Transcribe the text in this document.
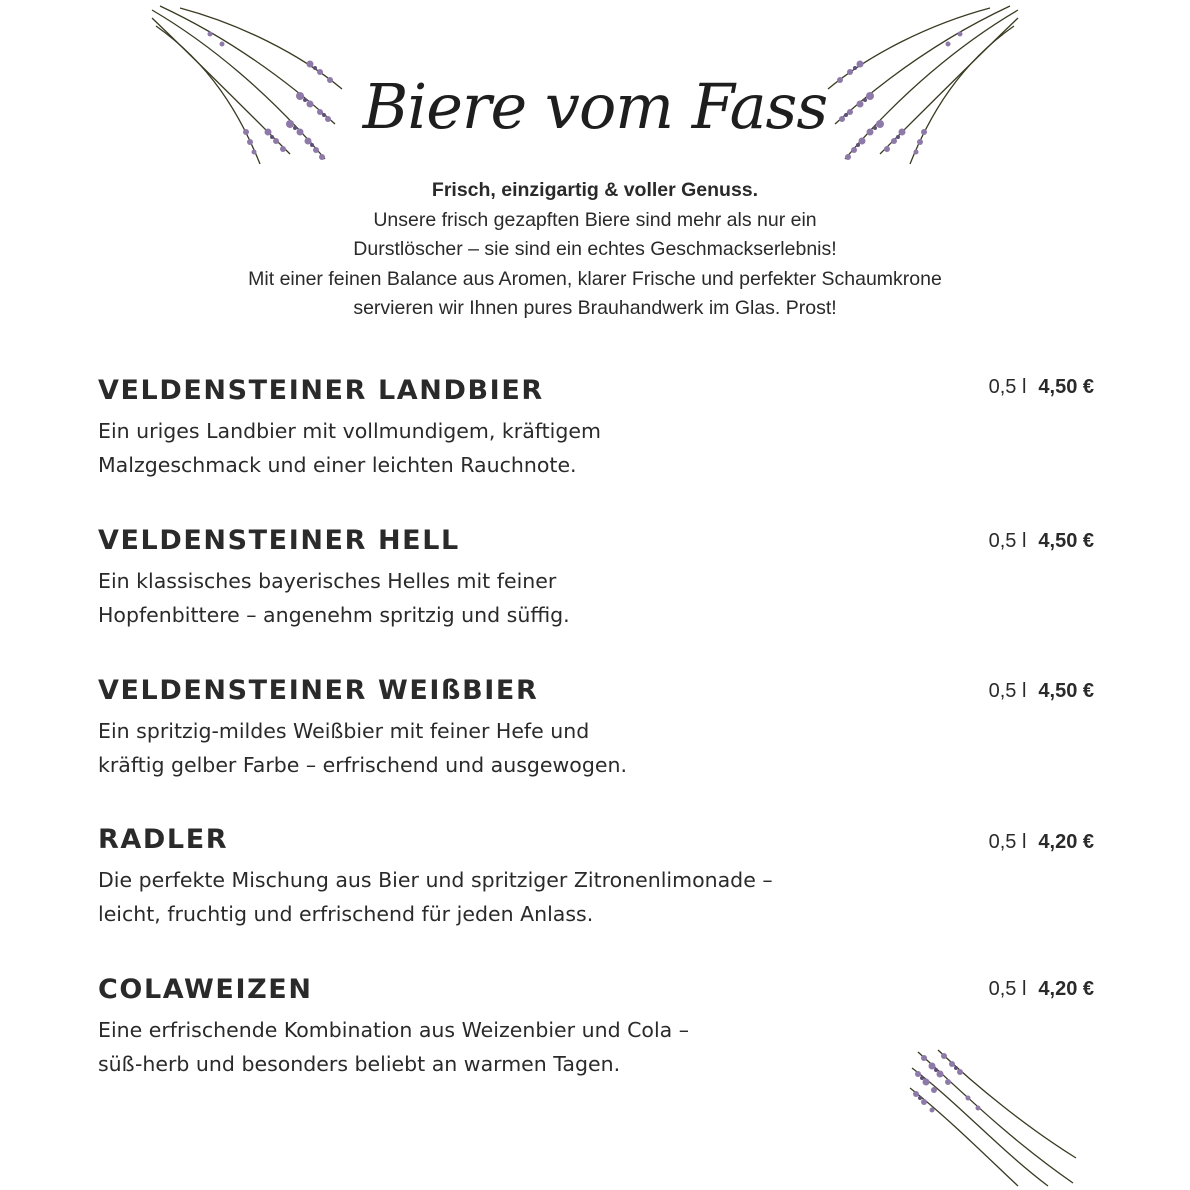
Biere vom Fass
Frisch, einzigartig & voller Genuss.
Unsere frisch gezapften Biere sind mehr als nur ein
Durstlöscher – sie sind ein echtes Geschmackserlebnis!
Mit einer feinen Balance aus Aromen, klarer Frische und perfekter Schaumkrone
servieren wir Ihnen pures Brauhandwerk im Glas. Prost!
VELDENSTEINER LANDBIER	0,5 l 4,50 €
Ein uriges Landbier mit vollmundigem, kräftigem
Malzgeschmack und einer leichten Rauchnote.
VELDENSTEINER HELL	0,5 l 4,50 €
Ein klassisches bayerisches Helles mit feiner
Hopfenbittere – angenehm spritzig und süffig.
VELDENSTEINER WEIßBIER	0,5 l 4,50 €
Ein spritzig-mildes Weißbier mit feiner Hefe und
kräftig gelber Farbe – erfrischend und ausgewogen.
RADLER	0,5 l 4,20 €
Die perfekte Mischung aus Bier und spritziger Zitronenlimonade –
leicht, fruchtig und erfrischend für jeden Anlass.
COLAWEIZEN	0,5 l 4,20 €
Eine erfrischende Kombination aus Weizenbier und Cola –
süß-herb und besonders beliebt an warmen Tagen.
